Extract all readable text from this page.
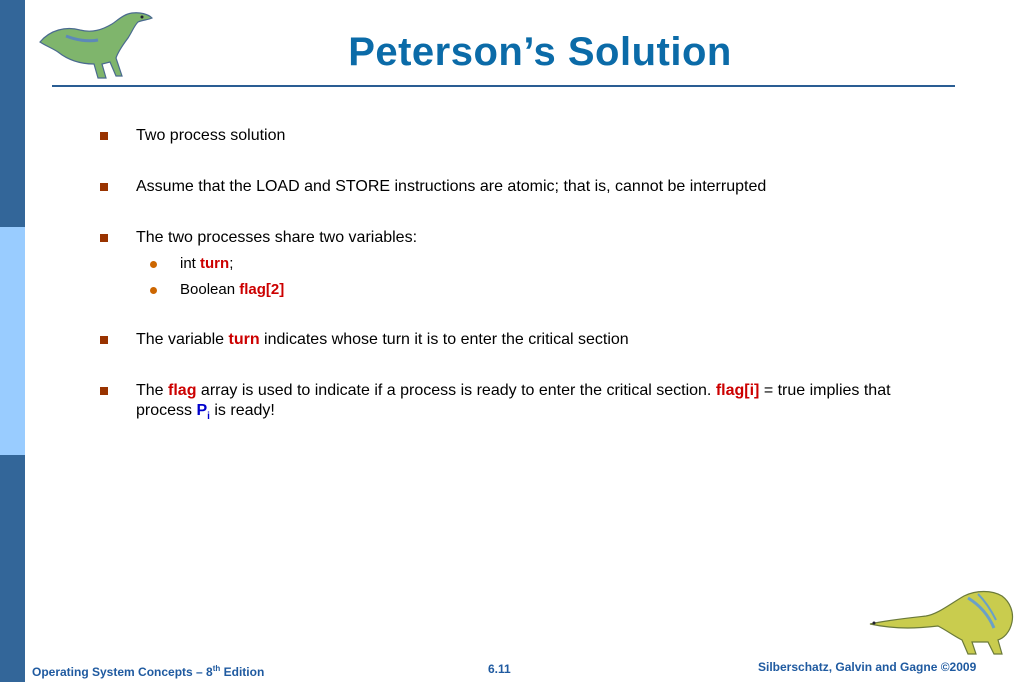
Peterson’s Solution
Two process solution
Assume that the LOAD and STORE instructions are atomic; that is, cannot be interrupted
The two processes share two variables:
int turn;
Boolean flag[2]
The variable turn indicates whose turn it is to enter the critical section
The flag array is used to indicate if a process is ready to enter the critical section. flag[i] = true implies that process $P_i$ is ready!
Operating System Concepts – 8th Edition	6.11	Silberschatz, Galvin and Gagne ©2009
